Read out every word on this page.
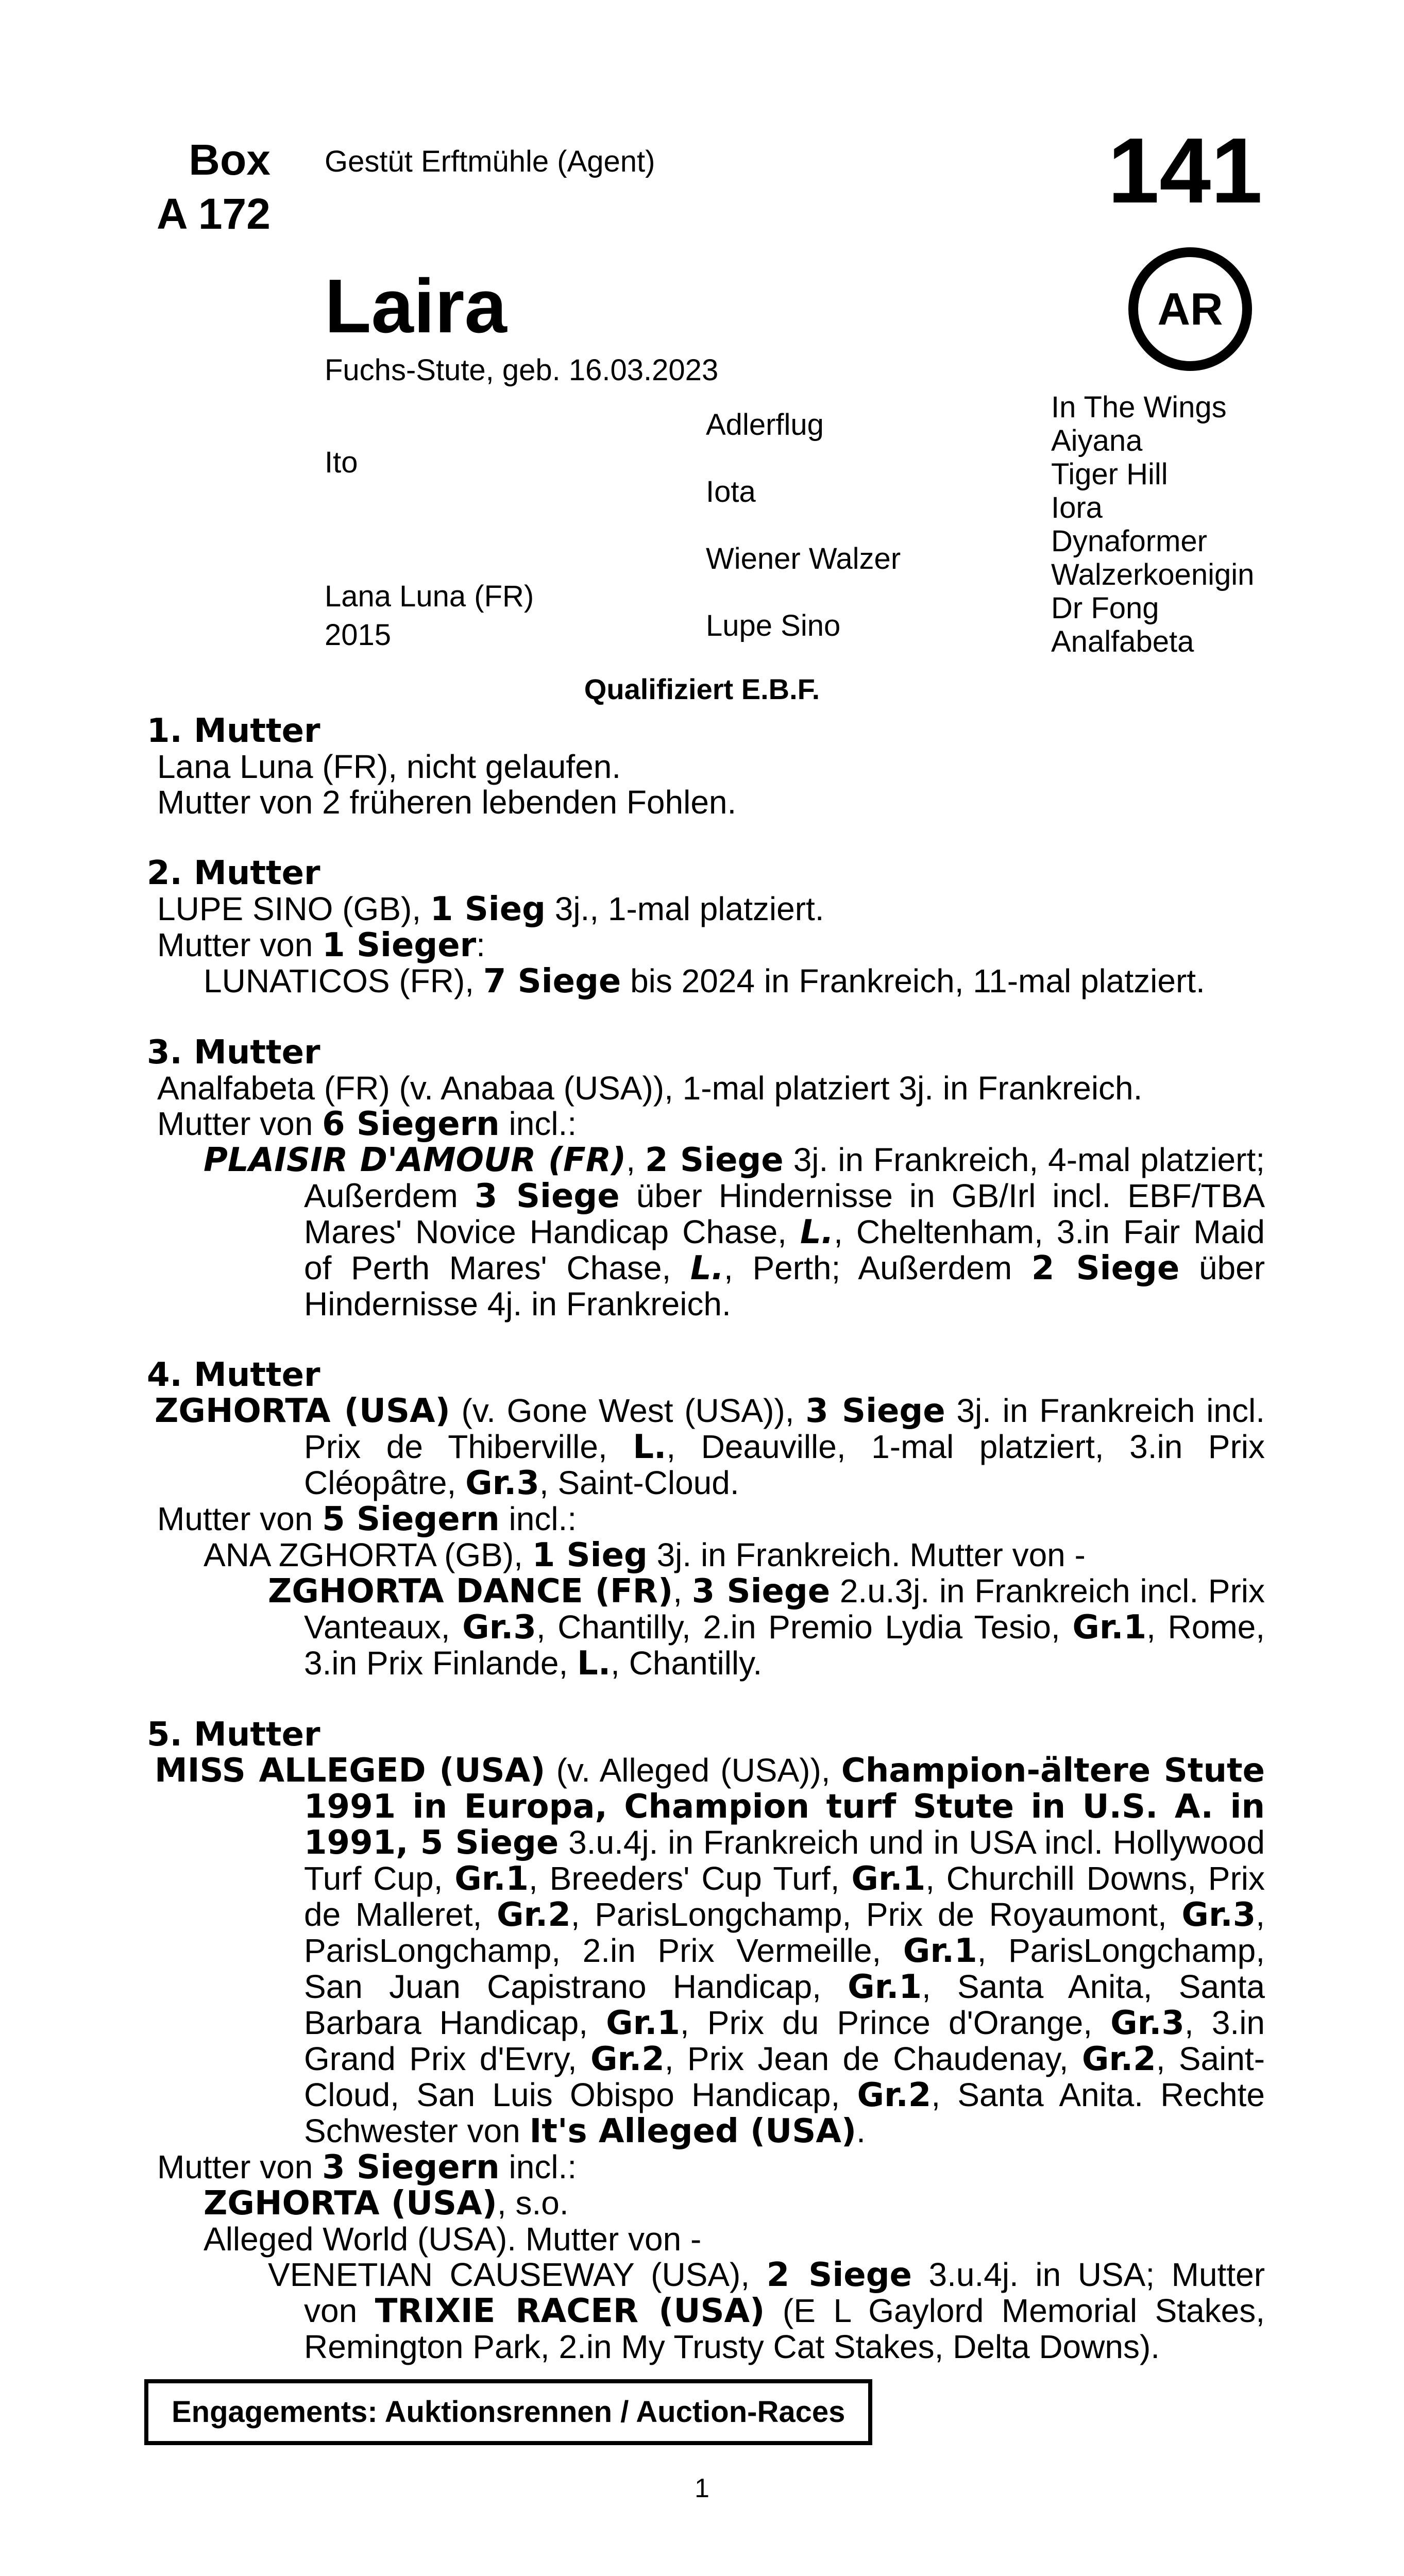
Box
A 172
Gestüt Erftmühle (Agent)	141
AR
Laira
Fuchs-Stute, geb. 16.03.2023
Ito
Lana Luna (FR)
2015
Adlerflug
Iota
Wiener Walzer
Lupe Sino
In The Wings
Aiyana
Tiger Hill
Iora
Dynaformer
Walzerkoenigin
Dr Fong
Analfabeta
Qualifiziert E.B.F.
1. Mutter
Lana Luna (FR), nicht gelaufen.
Mutter von 2 früheren lebenden Fohlen.
2. Mutter
LUPE SINO (GB), 1 Sieg 3j., 1-mal platziert.
Mutter von 1 Sieger:
LUNATICOS (FR), 7 Siege bis 2024 in Frankreich, 11-mal platziert.
3. Mutter
Analfabeta (FR) (v. Anabaa (USA)), 1-mal platziert 3j. in Frankreich.
Mutter von 6 Siegern incl.:
PLAISIR D'AMOUR (FR), 2 Siege 3j. in Frankreich, 4-mal platziert; Außerdem 3 Siege über Hindernisse in GB/Irl incl. EBF/TBA Mares' Novice Handicap Chase, L., Cheltenham, 3.in Fair Maid of Perth Mares' Chase, L., Perth; Außerdem 2 Siege über Hindernisse 4j. in Frankreich.
4. Mutter
ZGHORTA (USA) (v. Gone West (USA)), 3 Siege 3j. in Frankreich incl. Prix de Thiberville, L., Deauville, 1-mal platziert, 3.in Prix Cléopâtre, Gr.3, Saint-Cloud.
Mutter von 5 Siegern incl.:
ANA ZGHORTA (GB), 1 Sieg 3j. in Frankreich. Mutter von -
ZGHORTA DANCE (FR), 3 Siege 2.u.3j. in Frankreich incl. Prix Vanteaux, Gr.3, Chantilly, 2.in Premio Lydia Tesio, Gr.1, Rome, 3.in Prix Finlande, L., Chantilly.
5. Mutter
MISS ALLEGED (USA) (v. Alleged (USA)), Champion-ältere Stute 1991 in Europa, Champion turf Stute in U.S. A. in 1991, 5 Siege 3.u.4j. in Frankreich und in USA incl. Hollywood Turf Cup, Gr.1, Breeders' Cup Turf, Gr.1, Churchill Downs, Prix de Malleret, Gr.2, ParisLongchamp, Prix de Royaumont, Gr.3, ParisLongchamp, 2.in Prix Vermeille, Gr.1, ParisLongchamp, San Juan Capistrano Handicap, Gr.1, Santa Anita, Santa Barbara Handicap, Gr.1, Prix du Prince d'Orange, Gr.3, 3.in Grand Prix d'Evry, Gr.2, Prix Jean de Chaudenay, Gr.2, Saint-Cloud, San Luis Obispo Handicap, Gr.2, Santa Anita. Rechte Schwester von It's Alleged (USA).
Mutter von 3 Siegern incl.:
ZGHORTA (USA), s.o.
Alleged World (USA). Mutter von -
VENETIAN CAUSEWAY (USA), 2 Siege 3.u.4j. in USA; Mutter von TRIXIE RACER (USA) (E L Gaylord Memorial Stakes, Remington Park, 2.in My Trusty Cat Stakes, Delta Downs).
Engagements: Auktionsrennen / Auction-Races
1
